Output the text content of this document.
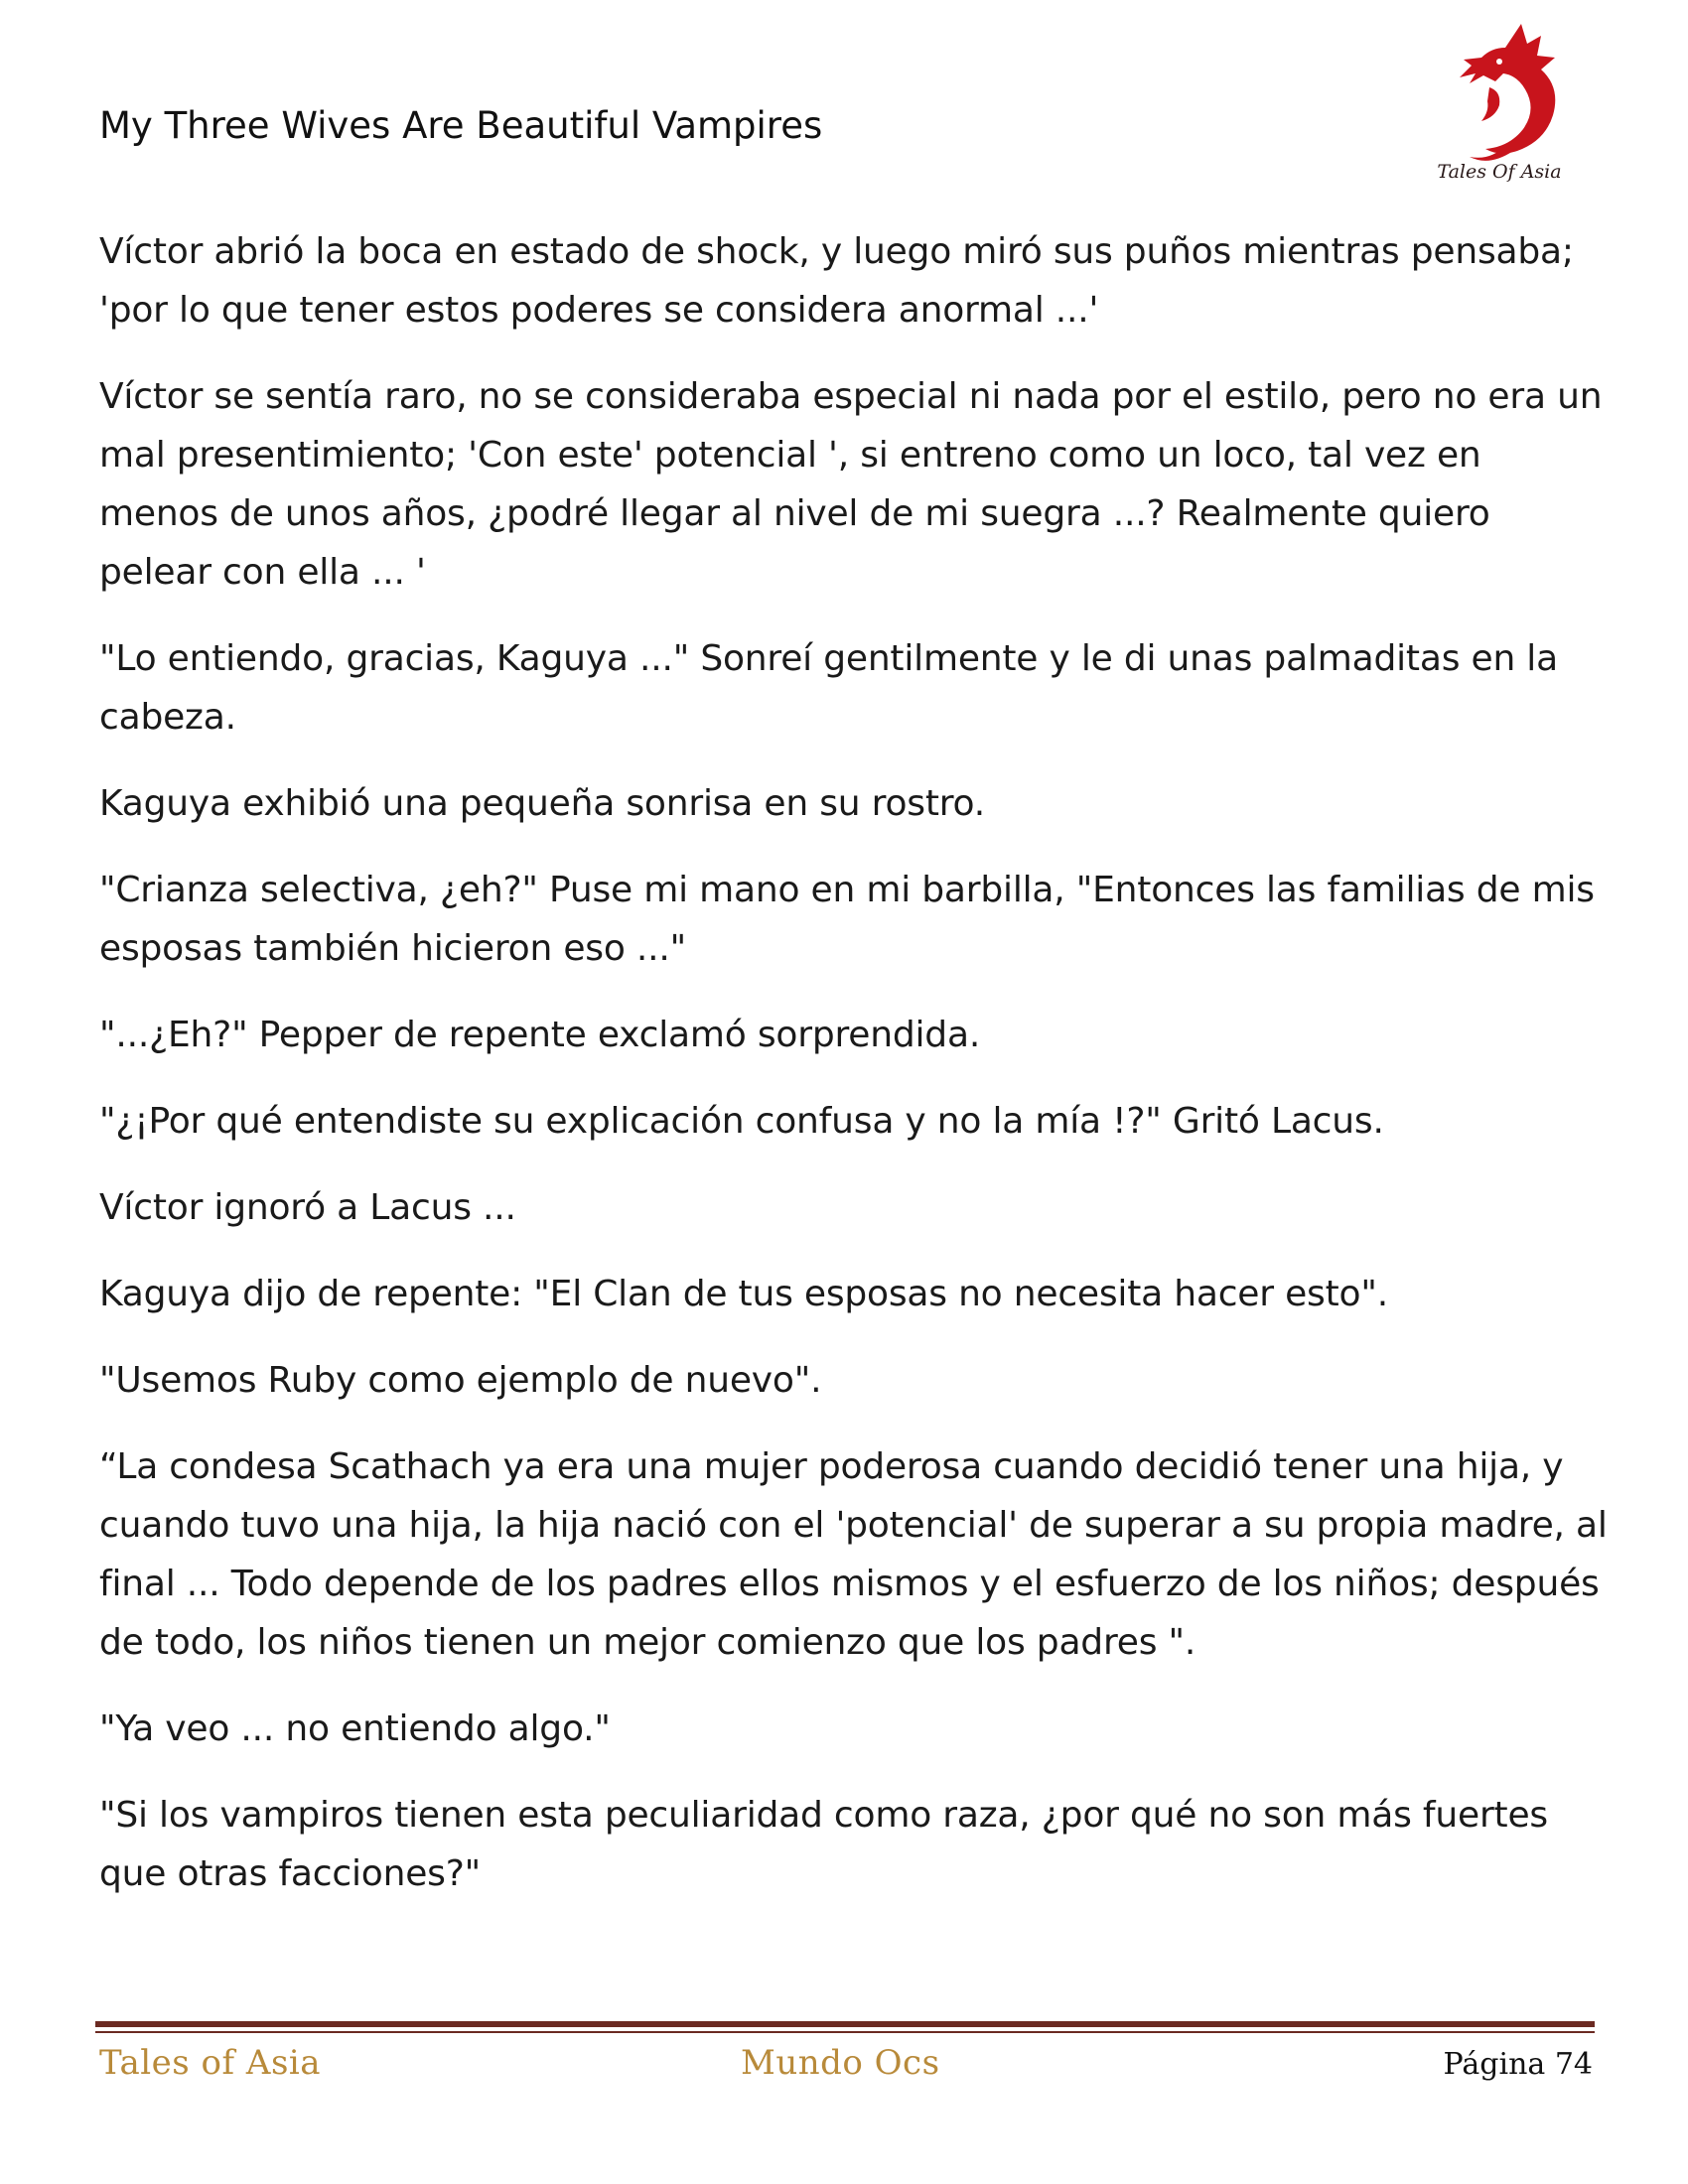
My Three Wives Are Beautiful Vampires
Tales Of Asia

Víctor abrió la boca en estado de shock, y luego miró sus puños mientras pensaba; 'por lo que tener estos poderes se considera anormal ...'

Víctor se sentía raro, no se consideraba especial ni nada por el estilo, pero no era un mal presentimiento; 'Con este' potencial ', si entreno como un loco, tal vez en menos de unos años, ¿podré llegar al nivel de mi suegra ...? Realmente quiero pelear con ella ... '

"Lo entiendo, gracias, Kaguya ..." Sonreí gentilmente y le di unas palmaditas en la cabeza.

Kaguya exhibió una pequeña sonrisa en su rostro.

"Crianza selectiva, ¿eh?" Puse mi mano en mi barbilla, "Entonces las familias de mis esposas también hicieron eso ..."

"...¿Eh?" Pepper de repente exclamó sorprendida.

"¿¡Por qué entendiste su explicación confusa y no la mía !?" Gritó Lacus.

Víctor ignoró a Lacus ...

Kaguya dijo de repente: "El Clan de tus esposas no necesita hacer esto".

"Usemos Ruby como ejemplo de nuevo".

“La condesa Scathach ya era una mujer poderosa cuando decidió tener una hija, y cuando tuvo una hija, la hija nació con el 'potencial' de superar a su propia madre, al final ... Todo depende de los padres ellos mismos y el esfuerzo de los niños; después de todo, los niños tienen un mejor comienzo que los padres ".

"Ya veo ... no entiendo algo."

"Si los vampiros tienen esta peculiaridad como raza, ¿por qué no son más fuertes que otras facciones?"

Tales of Asia	Mundo Ocs	Página 74
